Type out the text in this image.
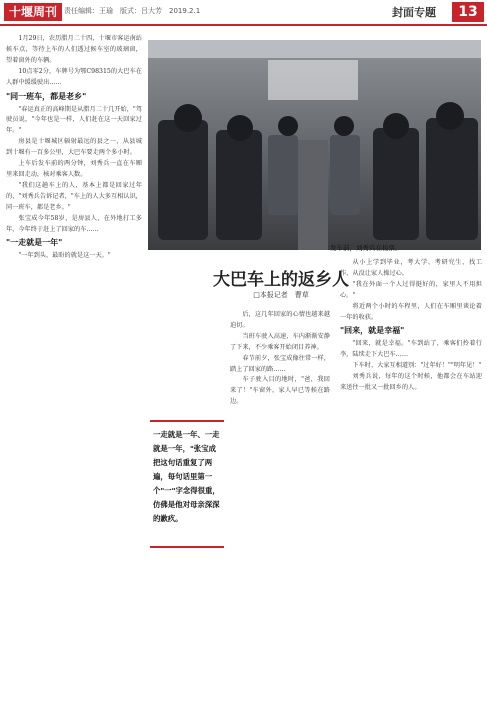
十堰周刊 责任编辑：王瑜　版式：吕大芳　2019.2.1	封面专题	13
发车前，刘秀兵在检票。
大巴车上的返乡人
□本报记者　曹草
一走就是一年、一走就是一年，"张宝成把这句话重复了两遍，每句话里第一个"一"字念得很重，仿佛是他对母亲深深的歉疚。

1月29日，农历腊月二十四，十堰市客运南站候车点，等待上车的人们透过候车室的玻璃窗，望着窗外的车辆。

10点零2分，车牌号为鄂C98315的大巴车在人群中缓缓驶出……

"同一班车，都是老乡"

"春运真正的高峰期是从腊月二十几开始，"驾驶员说，"今年也是一样，人们赶在这一天回家过年。"

房县是十堰城区辐射最远的县之一，从县城到十堰有一百多公里，大巴车要走两个多小时。

上车后发车前的两分钟，刘秀兵一直在车厢里来回走动，核对乘客人数。

"我们这趟车上的人，基本上都是回家过年的，"刘秀兵告诉记者，"车上的人大多互相认识，同一班车，都是老乡。"

张宝成今年58岁，是房县人，在外地打工多年，今年终于赶上了回家的车……

"一走就是一年"

"一年到头，最盼的就是这一天。"

后，这几年回家的心情也越来越迫切。

当班车驶入高速，车内渐渐安静了下来，不少乘客开始闭目养神。

春节前夕，张宝成像往常一样，踏上了回家的路……

车子驶入目的地时，"爸，我回来了！"车窗外，家人早已等候在路边。

从小上学到毕业，考大学、考研究生、找工作，从没让家人操过心。

"我在外面一个人过得挺好的，家里人不用担心。"

将近两个小时的车程里，人们在车厢里谈论着一年的收获。

"回来，就是幸福"

"回来，就是幸福。"车到站了，乘客们拎着行李，陆续走下大巴车……

下车时，大家互相道别："过年好！""明年见！"

刘秀兵说，每年的这个时候，他都会在车站迎来送往一批又一批回乡的人。
